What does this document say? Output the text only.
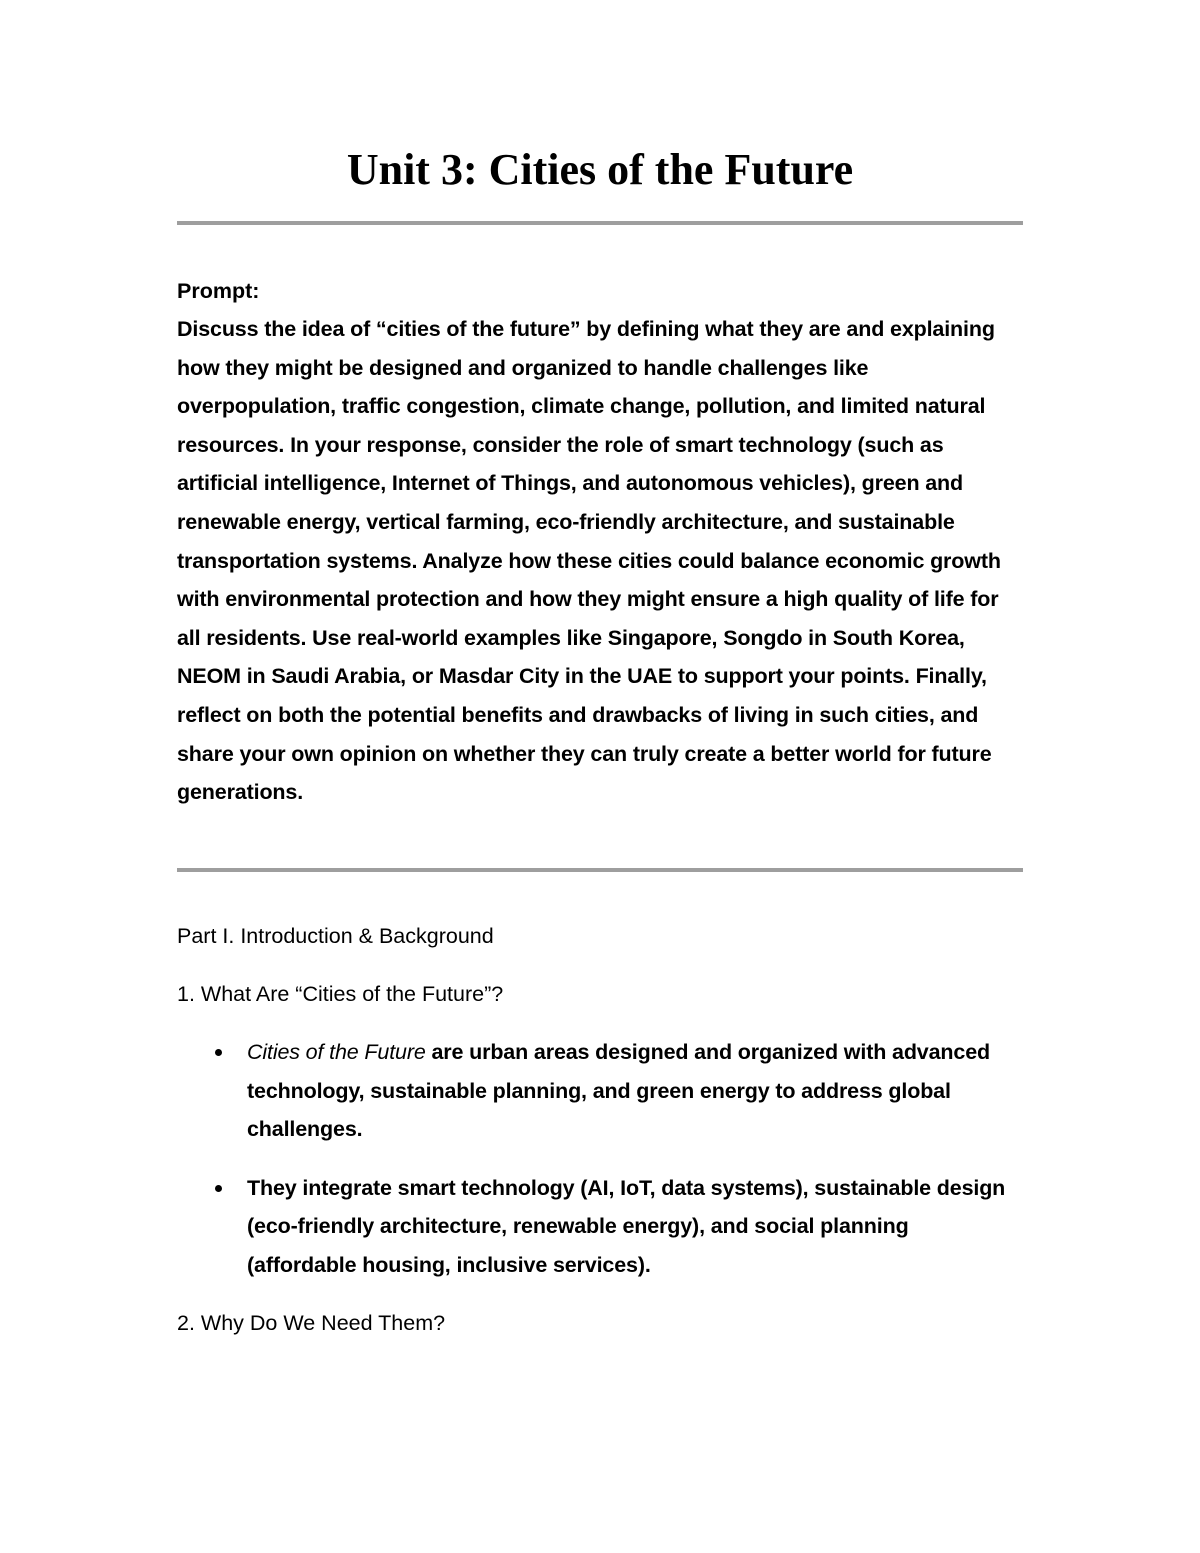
Unit 3: Cities of the Future

Prompt:

Discuss the idea of “cities of the future” by defining what they are and explaining how they might be designed and organized to handle challenges like overpopulation, traffic congestion, climate change, pollution, and limited natural resources. In your response, consider the role of smart technology (such as artificial intelligence, Internet of Things, and autonomous vehicles), green and renewable energy, vertical farming, eco-friendly architecture, and sustainable transportation systems. Analyze how these cities could balance economic growth with environmental protection and how they might ensure a high quality of life for all residents. Use real-world examples like Singapore, Songdo in South Korea, NEOM in Saudi Arabia, or Masdar City in the UAE to support your points. Finally, reflect on both the potential benefits and drawbacks of living in such cities, and share your own opinion on whether they can truly create a better world for future generations.

Part I. Introduction & Background

1. What Are “Cities of the Future”?

Cities of the Future are urban areas designed and organized with advanced technology, sustainable planning, and green energy to address global challenges.
They integrate smart technology (AI, IoT, data systems), sustainable design (eco-friendly architecture, renewable energy), and social planning (affordable housing, inclusive services).

2. Why Do We Need Them?
